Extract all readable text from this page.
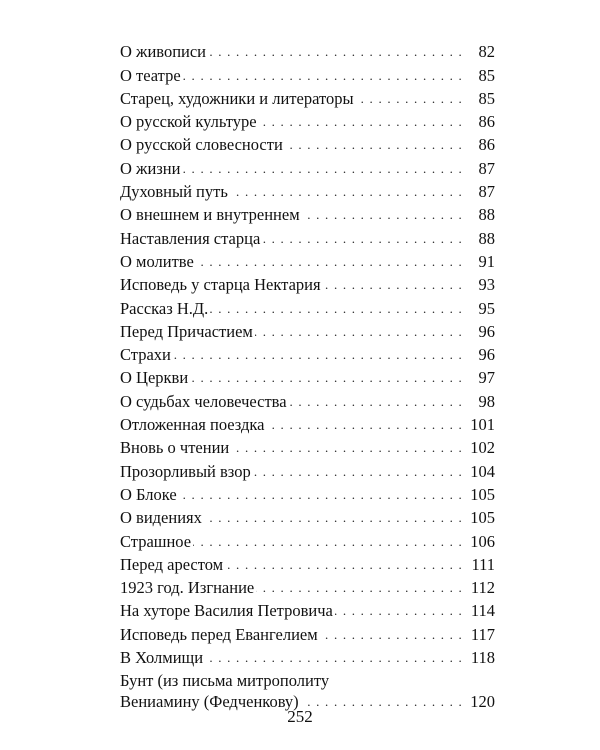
О живописи . . .	82
О театре . . .	85
Старец, художники и литераторы . . .	85
О русской культуре . . .	86
О русской словесности . . .	86
О жизни . . .	87
Духовный путь . . .	87
О внешнем и внутреннем . . .	88
Наставления старца . . .	88
О молитве . . .	91
Исповедь у старца Нектария . . .	93
Рассказ Н.Д. . . .	95
Перед Причастием . . .	96
Страхи . . .	96
О Церкви . . .	97
О судьбах человечества . . .	98
Отложенная поездка . . .	101
Вновь о чтении . . .	102
Прозорливый взор . . .	104
О Блоке . . .	105
О видениях . . .	105
Страшное . . .	106
Перед арестом . . .	111
1923 год. Изгнание . . .	112
На хуторе Василия Петровича . . .	114
Исповедь перед Евангелием . . .	117
В Холмищи . . .	118
Бунт (из письма митрополиту
Вениамину (Федченкову) . . .	120
252
